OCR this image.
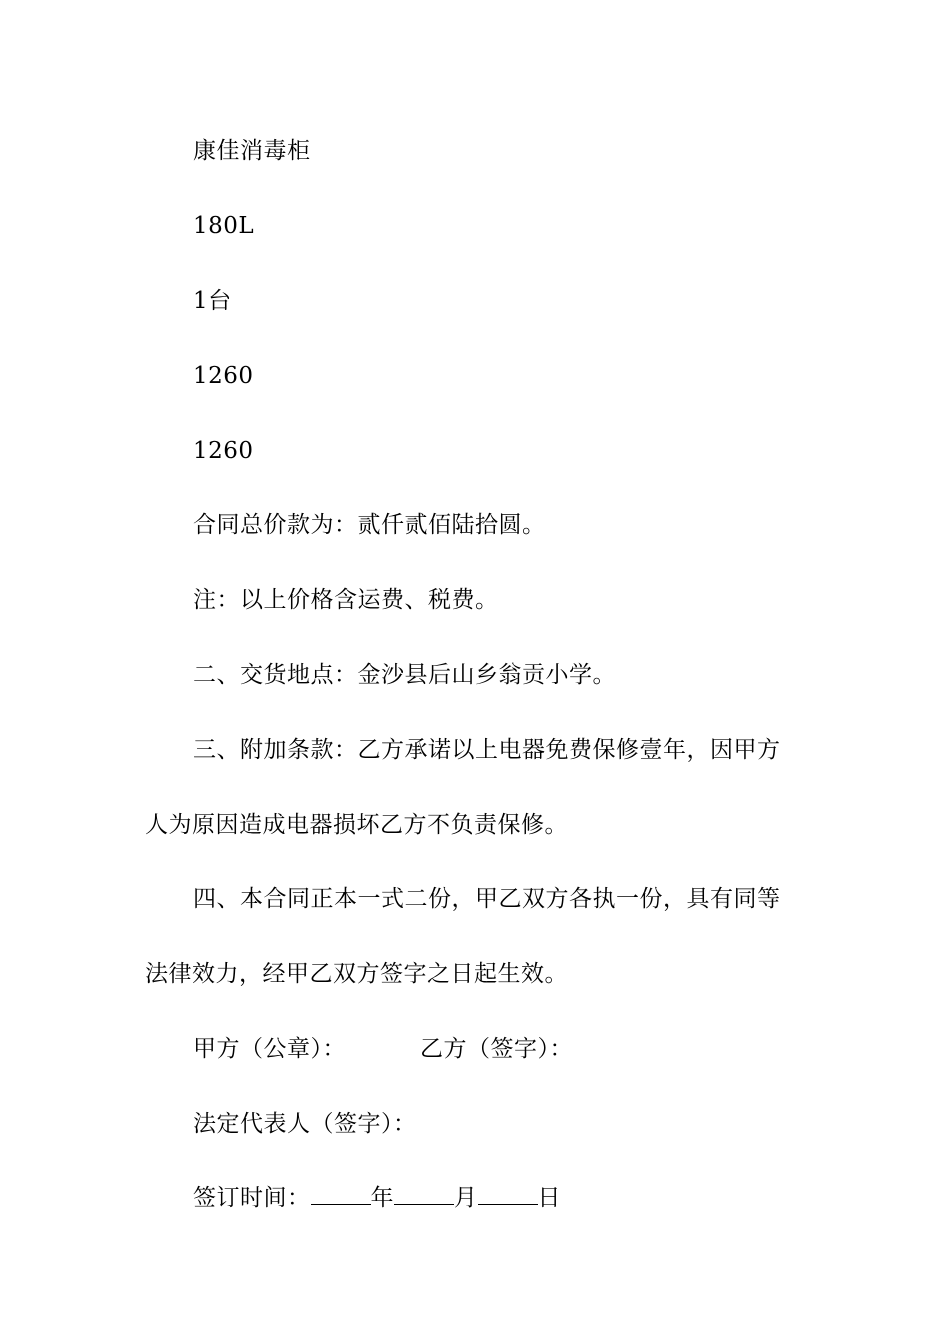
康佳消毒柜
180L
1台
1260
1260
合同总价款为：贰仟贰佰陆拾圆。
注：以上价格含运费、税费。
二、交货地点：金沙县后山乡翁贡小学。
三、附加条款：乙方承诺以上电器免费保修壹年，因甲方
人为原因造成电器损坏乙方不负责保修。
四、本合同正本一式二份，甲乙双方各执一份，具有同等
法律效力，经甲乙双方签字之日起生效。
甲方（公章）：	乙方（签字）：
法定代表人（签字）：
签订时间：	年	月	日
